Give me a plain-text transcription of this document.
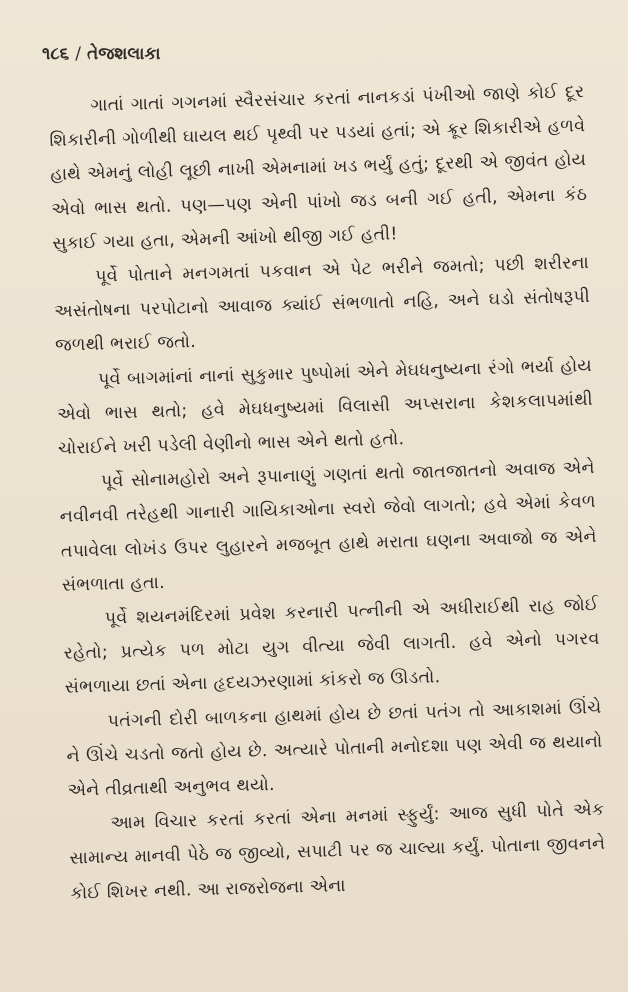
૧૮૬ / તેજશલાકા

ગાતાં ગાતાં ગગનમાં સ્વૈરસંચાર કરતાં નાનકડાં પંખીઓ જાણે કોઈ દૂર શિકારીની ગોળીથી ઘાયલ થઈ પૃથ્વી પર પડયાં હતાં; એ ક્રૂર શિકારીએ હળવે હાથે એમનું લોહી લૂછી નાખી એમનામાં ખડ ભર્યું હતું; દૂરથી એ જીવંત હોય એવો ભાસ થતો. પણ—પણ એની પાંખો જડ બની ગઈ હતી, એમના કંઠ સુકાઈ ગયા હતા, એમની આંખો થીજી ગઈ હતી!

પૂર્વે પોતાને મનગમતાં પકવાન એ પેટ ભરીને જમતો; પછી શરીરના અસંતોષના પરપોટાનો આવાજ ક્યાંઈ સંભળાતો નહિ, અને ઘડો સંતોષરૂપી જળથી ભરાઈ જતો.

પૂર્વે બાગમાંનાં નાનાં સુકુમાર પુષ્પોમાં એને મેઘધનુષ્યના રંગો ભર્યા હોય એવો ભાસ થતો; હવે મેઘધનુષ્યમાં વિલાસી અપ્સરાના કેશકલાપમાંથી ચોરાઈને ખરી પડેલી વેણીનો ભાસ એને થતો હતો.

પૂર્વે સોનામહોરો અને રૂપાનાણું ગણતાં થતો જાતજાતનો અવાજ એને નવીનવી તરેહથી ગાનારી ગાયિકાઓના સ્વરો જેવો લાગતો; હવે એમાં કેવળ તપાવેલા લોખંડ ઉપર લુહારને મજબૂત હાથે મરાતા ઘણના અવાજો જ એને સંભળાતા હતા.

પૂર્વે શયનમંદિરમાં પ્રવેશ કરનારી પત્નીની એ અધીરાઈથી રાહ જોઈ રહેતો; પ્રત્યેક પળ મોટા યુગ વીત્યા જેવી લાગતી. હવે એનો પગરવ સંભળાયા છતાં એના હૃદયઝરણામાં કાંકરો જ ઊડતો.

પતંગની દોરી બાળકના હાથમાં હોય છે છતાં પતંગ તો આકાશમાં ઊંચે ને ઊંચે ચડતો જતો હોય છે. અત્યારે પોતાની મનોદશા પણ એવી જ થયાનો એને તીવ્રતાથી અનુભવ થયો.

આમ વિચાર કરતાં કરતાં એના મનમાં સ્ફુર્યું: આજ સુધી પોતે એક સામાન્ય માનવી પેઠે જ જીવ્યો, સપાટી પર જ ચાલ્યા કર્યું. પોતાના જીવનને કોઈ શિખર નથી. આ રાજરોજના એના
